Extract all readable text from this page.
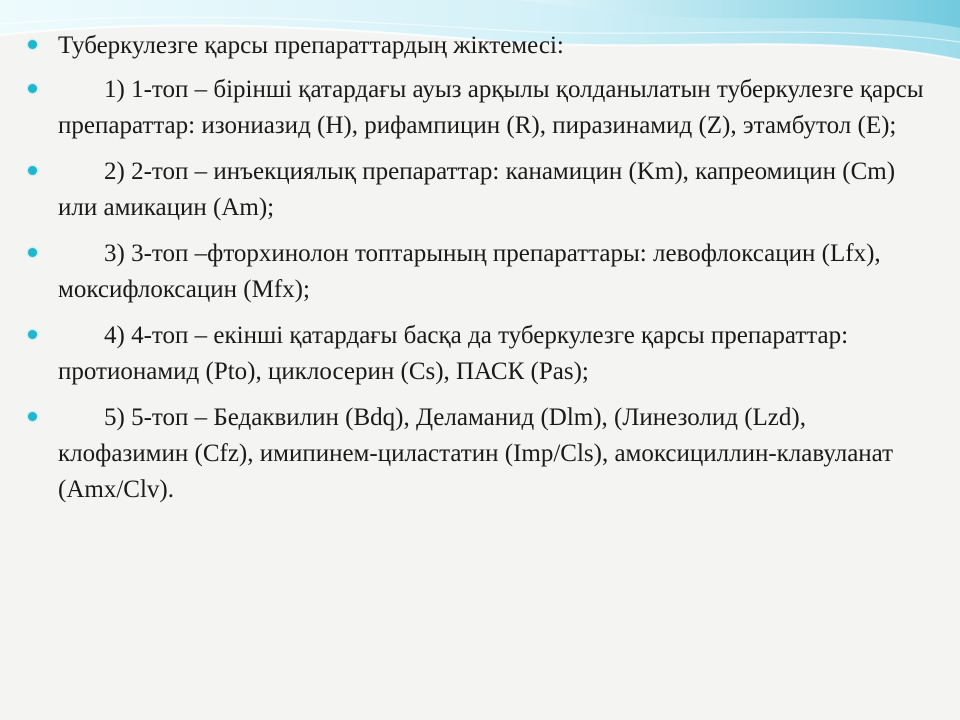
Туберкулезге қарсы препараттардың жіктемесі:
1) 1-топ – бірінші қатардағы ауыз арқылы қолданылатын туберкулезге қарсы препараттар: изониазид (H), рифампицин (R), пиразинамид (Z), этамбутол (E);
2) 2-топ – инъекциялық препараттар: канамицин (Km), капреомицин (Cm) или амикацин (Am);
3) 3-топ –фторхинолон топтарының препараттары: левофлоксацин (Lfx), моксифлоксацин (Mfx);
4) 4-топ – екінші қатардағы басқа да туберкулезге қарсы препараттар: протионамид (Pto), циклосерин (Cs), ПАСК (Pas);
5) 5-топ – Бедаквилин (Bdq), Деламанид (Dlm), (Линезолид (Lzd), клофазимин (Cfz), имипинем-циластатин (Imp/Cls), амоксициллин-клавуланат (Amx/Clv).
